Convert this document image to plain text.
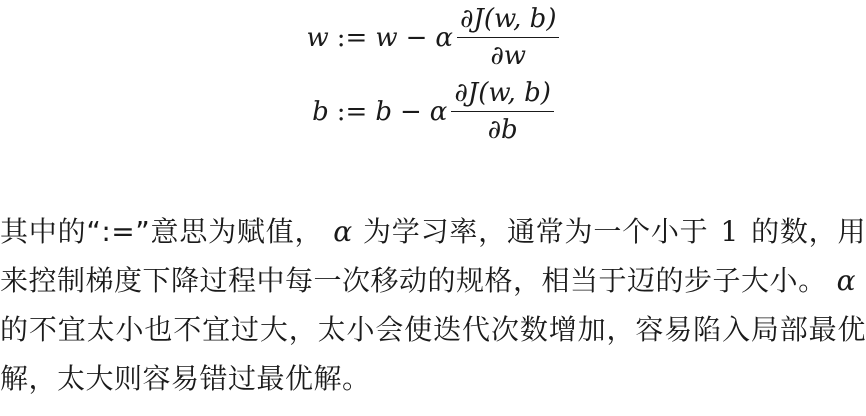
w := w − α $\frac{\partial J(w, b)}{\partial w}$
b := b − α $\frac{\partial J(w, b)}{\partial b}$

其中的“:=”意思为赋值， α 为学习率，通常为一个小于 1 的数，用来控制梯度下降过程中每一次移动的规格，相当于迈的步子大小。 α的不宜太小也不宜过大，太小会使迭代次数增加，容易陷入局部最优解，太大则容易错过最优解。
